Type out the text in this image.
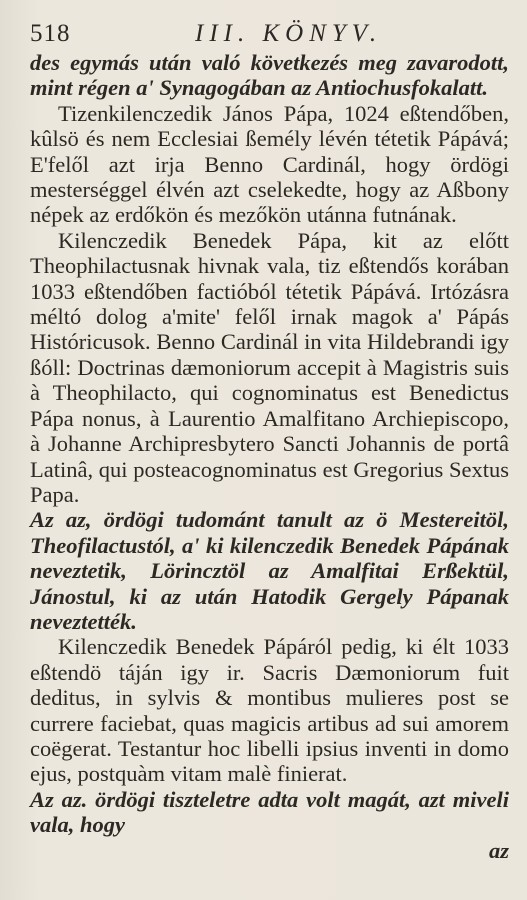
518	III. KÖNYV.

des egymás után való következés meg zavarodott, mint régen a' Synagogában az Antiochusfokalatt.

Tizenkilenczedik János Pápa, 1024 eßtendőben, kûlsö és nem Ecclesiai ßemély lévén tétetik Pápává; E'felől azt irja Benno Cardinál, hogy ördögi mesterséggel élvén azt cselekedte, hogy az Aßbony népek az erdőkön és mezőkön utánna futnának.

Kilenczedik Benedek Pápa, kit az előtt Theophilactusnak hivnak vala, tiz eßtendős korában 1033 eßtendőben factióból tétetik Pápává. Irtózásra méltó dolog a'mite' felől irnak magok a' Pápás Históricusok. Benno Cardinál in vita Hildebrandi igy ßóll: Doctrinas dæmoniorum accepit à Magistris suis à Theophilacto, qui cognominatus est Benedictus Pápa nonus, à Laurentio Amalfitano Archiepiscopo, à Johanne Archipresbytero Sancti Johannis de portâ Latinâ, qui posteacognominatus est Gregorius Sextus Papa.

Az az, ördögi tudománt tanult az ö Mestereitöl, Theofilactustól, a' ki kilenczedik Benedek Pápának neveztetik, Lörincztöl az Amalfitai Erßektül, Jánostul, ki az után Hatodik Gergely Pápanak neveztették.

Kilenczedik Benedek Pápáról pedig, ki élt 1033 eßtendö táján igy ir. Sacris Dæmoniorum fuit deditus, in sylvis & montibus mulieres post se currere faciebat, quas magicis artibus ad sui amorem coëgerat. Testantur hoc libelli ipsius inventi in domo ejus, postquàm vitam malè finierat.

Az az. ördögi tiszteletre adta volt magát, azt miveli vala, hogy

az
